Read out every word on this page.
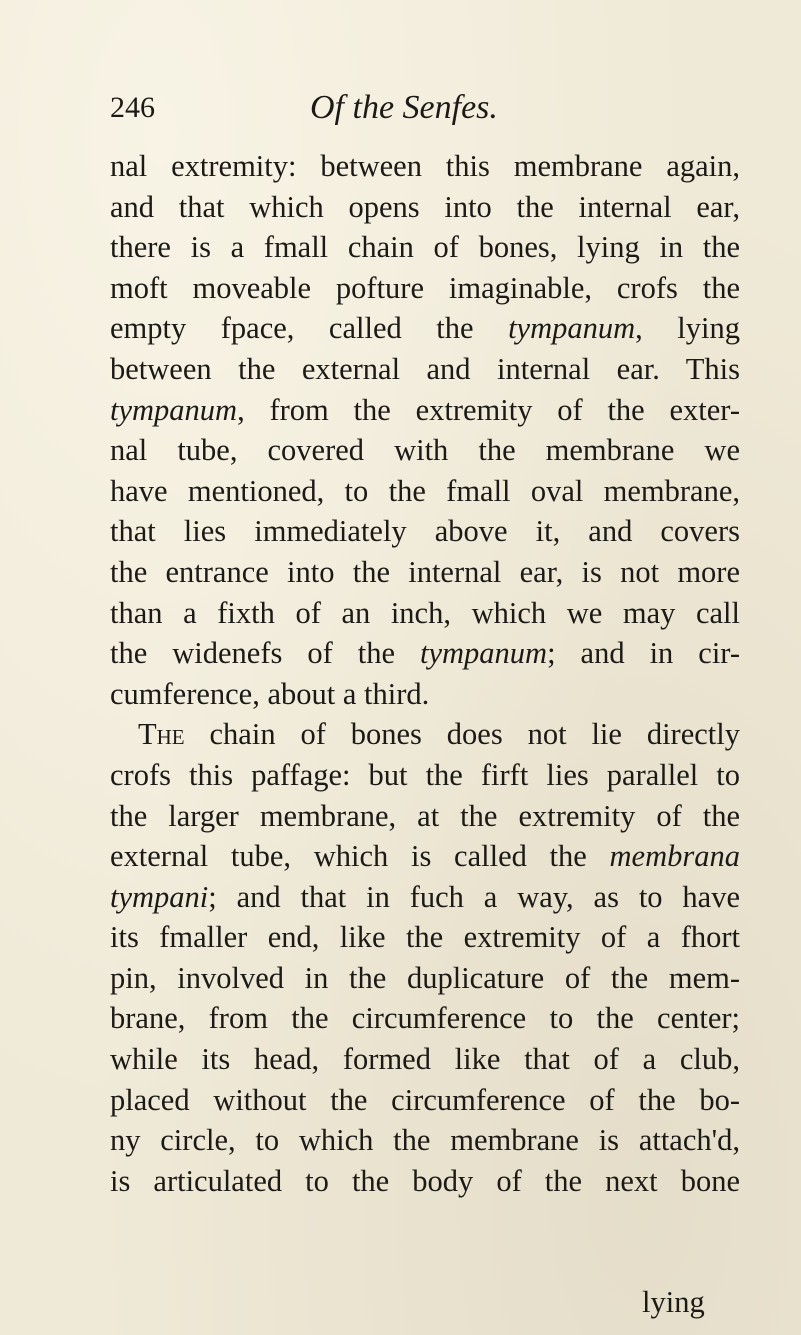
246	Of the Senfes.
nal extremity: between this membrane again,
and that which opens into the internal ear,
there is a fmall chain of bones, lying in the
moft moveable pofture imaginable, crofs the
empty fpace, called the tympanum, lying
between the external and internal ear. This
tympanum, from the extremity of the exter-
nal tube, covered with the membrane we
have mentioned, to the fmall oval membrane,
that lies immediately above it, and covers
the entrance into the internal ear, is not more
than a fixth of an inch, which we may call
the widenefs of the tympanum; and in cir-
cumference, about a third.
The chain of bones does not lie directly
crofs this paffage: but the firft lies parallel to
the larger membrane, at the extremity of the
external tube, which is called the membrana
tympani; and that in fuch a way, as to have
its fmaller end, like the extremity of a fhort
pin, involved in the duplicature of the mem-
brane, from the circumference to the center;
while its head, formed like that of a club,
placed without the circumference of the bo-
ny circle, to which the membrane is attach'd,
is articulated to the body of the next bone
lying
